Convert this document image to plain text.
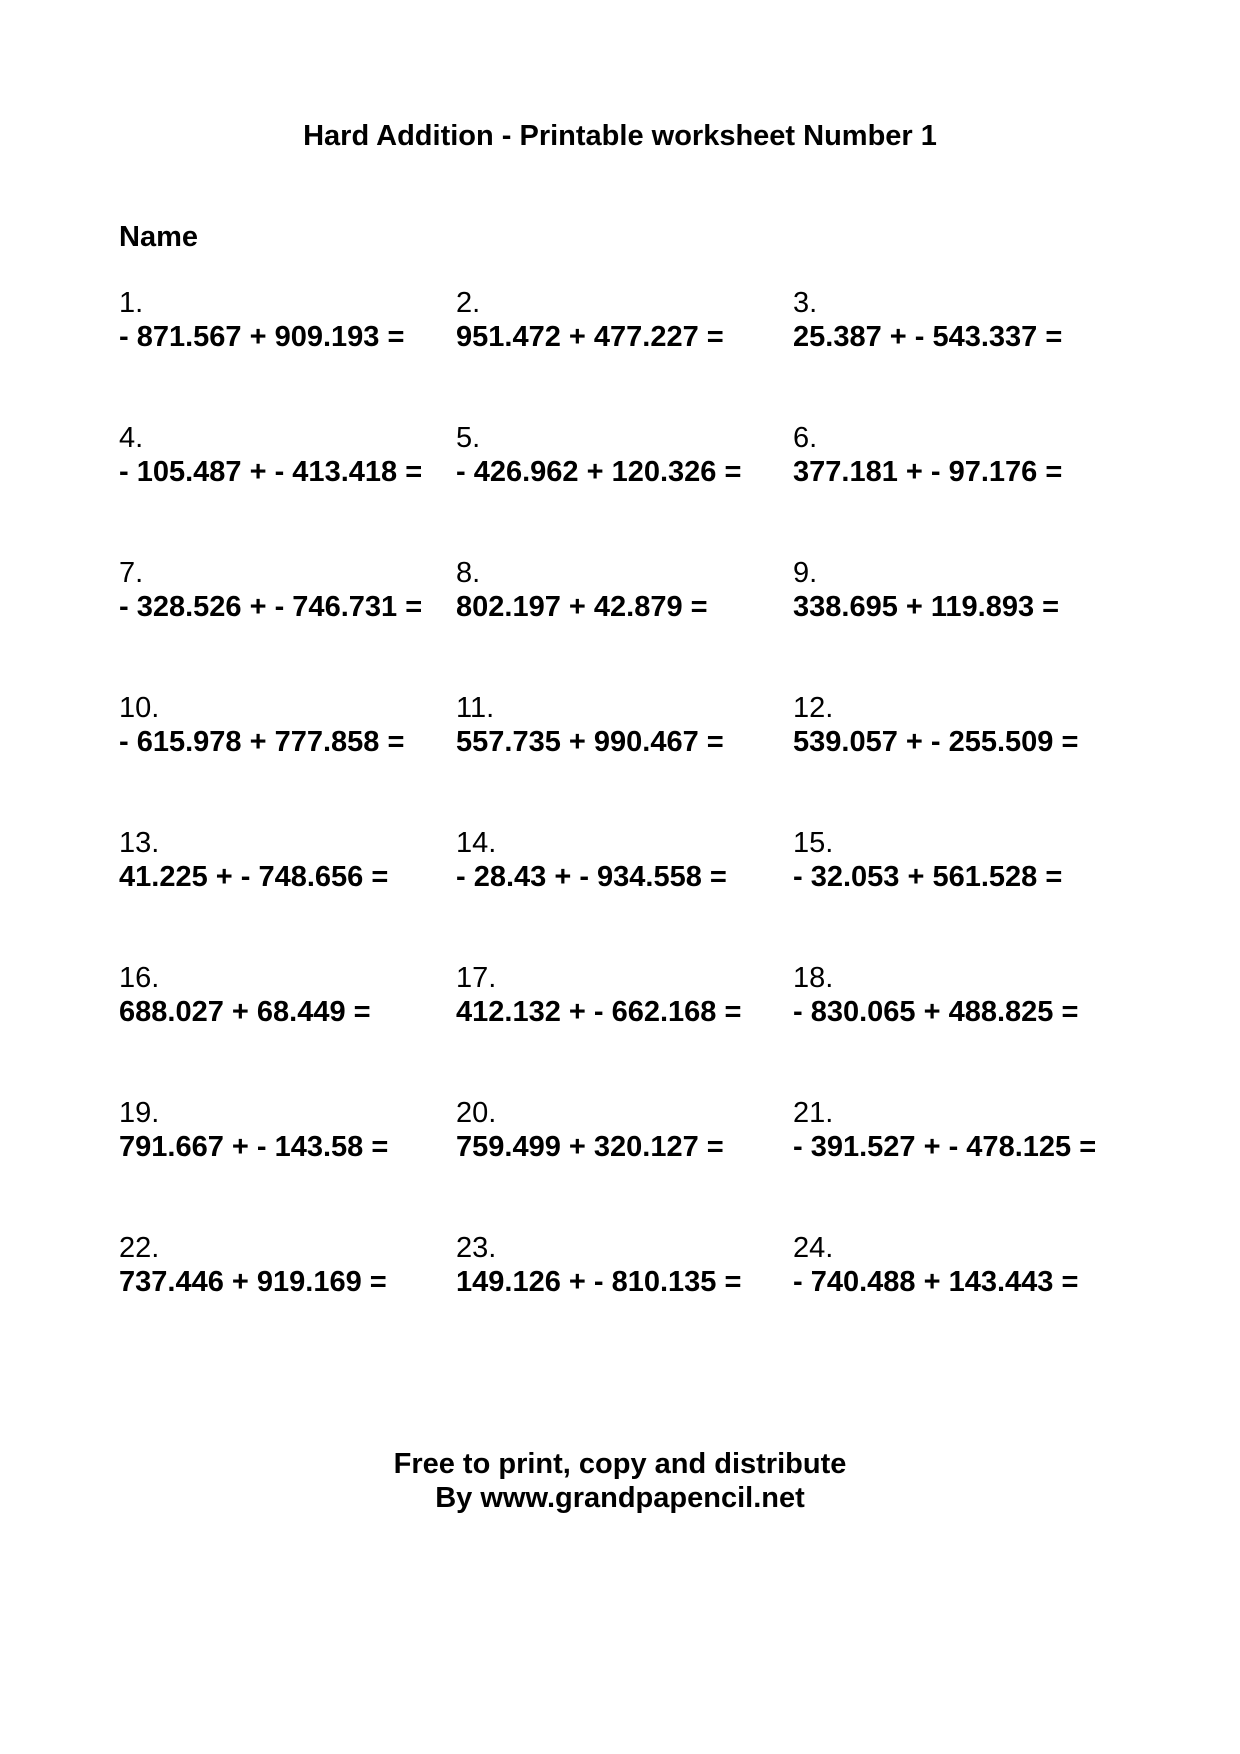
Hard Addition - Printable worksheet Number 1
Name
1.
- 871.567 + 909.193 =
2.
951.472 + 477.227 =
3.
25.387 + - 543.337 =
4.
- 105.487 + - 413.418 =
5.
- 426.962 + 120.326 =
6.
377.181 + - 97.176 =
7.
- 328.526 + - 746.731 =
8.
802.197 + 42.879 =
9.
338.695 + 119.893 =
10.
- 615.978 + 777.858 =
11.
557.735 + 990.467 =
12.
539.057 + - 255.509 =
13.
41.225 + - 748.656 =
14.
- 28.43 + - 934.558 =
15.
- 32.053 + 561.528 =
16.
688.027 + 68.449 =
17.
412.132 + - 662.168 =
18.
- 830.065 + 488.825 =
19.
791.667 + - 143.58 =
20.
759.499 + 320.127 =
21.
- 391.527 + - 478.125 =
22.
737.446 + 919.169 =
23.
149.126 + - 810.135 =
24.
- 740.488 + 143.443 =
Free to print, copy and distribute
By www.grandpapencil.net
